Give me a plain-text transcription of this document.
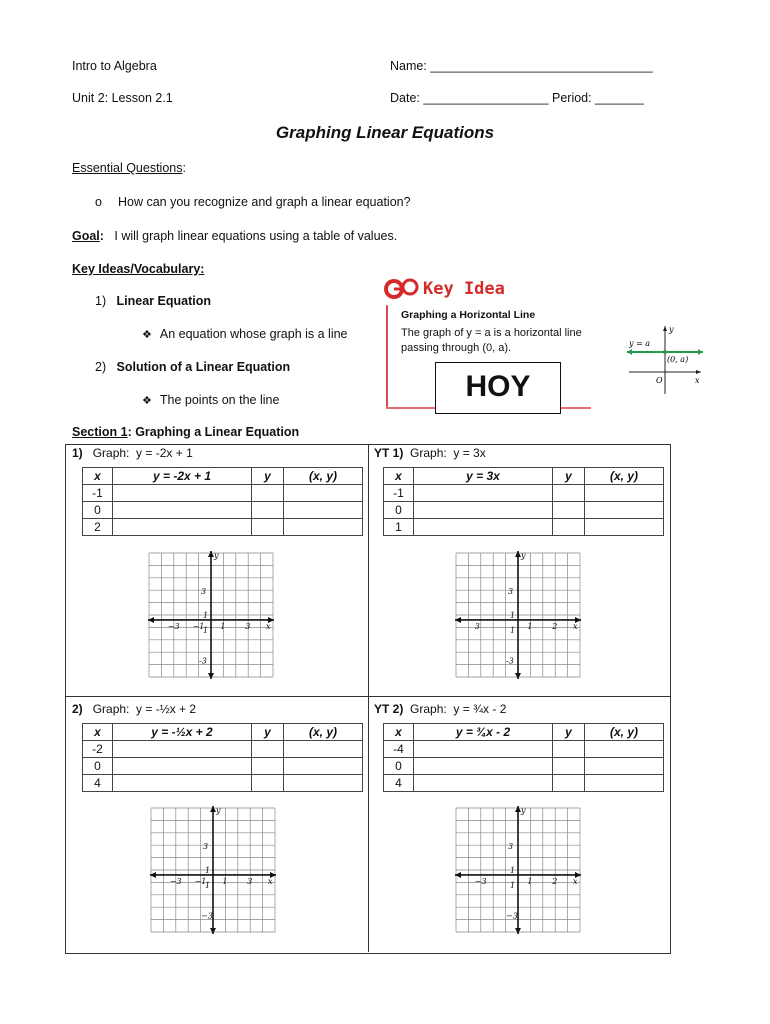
Intro to Algebra
Unit 2: Lesson 2.1
Name: ________________________________
Date: __________________ Period: _______
Graphing Linear Equations
Essential Questions:
o How can you recognize and graph a linear equation?
Goal: I will graph linear equations using a table of values.
Key Ideas/Vocabulary:
1) Linear Equation
❖ An equation whose graph is a line
2) Solution of a Linear Equation
❖ The points on the line
Key Idea
Graphing a Horizontal Line
The graph of y = a is a horizontal line passing through (0, a).
HOY
y = a
(0, a)
O	x
y
Section 1: Graphing a Linear Equation
1) Graph: y = -2x + 1	YT 1) Graph: y = 3x
2) Graph: y = -½x + 2	YT 2) Graph: y = ¾x - 2
x	y = -2x + 1	y	(x, y)
-1			
0			
2			
x	y = 3x	y	(x, y)
-1			
0			
1			
x	y = -½x + 2	y	(x, y)
-2			
0			
4			
x	y = ¾x - 2	y	(x, y)
-4			
0			
4			
y
x
3
1
-3
1
−3 −1 1 3
y
x
3
1
-3
1
3	1 2
y
x
3
1
−3
1
−3 −1 1 3
y
x
3
1
−3
1
−3	1 2
